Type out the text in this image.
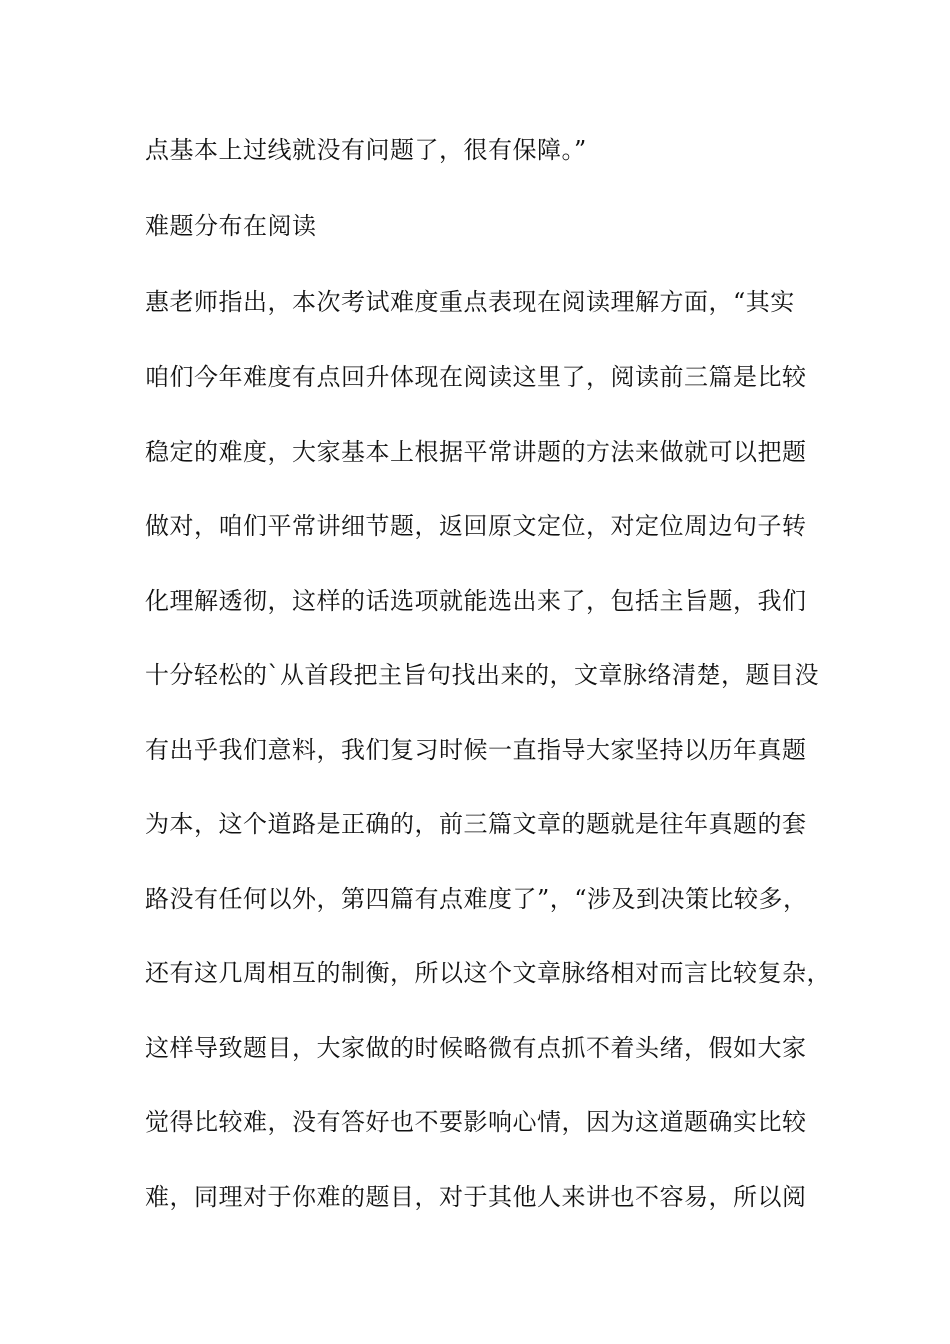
点基本上过线就没有问题了，很有保障。”
难题分布在阅读
惠老师指出，本次考试难度重点表现在阅读理解方面，“其实
咱们今年难度有点回升体现在阅读这里了，阅读前三篇是比较
稳定的难度，大家基本上根据平常讲题的方法来做就可以把题
做对，咱们平常讲细节题，返回原文定位，对定位周边句子转
化理解透彻，这样的话选项就能选出来了，包括主旨题，我们
十分轻松的`从首段把主旨句找出来的，文章脉络清楚，题目没
有出乎我们意料，我们复习时候一直指导大家坚持以历年真题
为本，这个道路是正确的，前三篇文章的题就是往年真题的套
路没有任何以外，第四篇有点难度了”，“涉及到决策比较多，
还有这几周相互的制衡，所以这个文章脉络相对而言比较复杂，
这样导致题目，大家做的时候略微有点抓不着头绪，假如大家
觉得比较难，没有答好也不要影响心情，因为这道题确实比较
难，同理对于你难的题目，对于其他人来讲也不容易，所以阅
